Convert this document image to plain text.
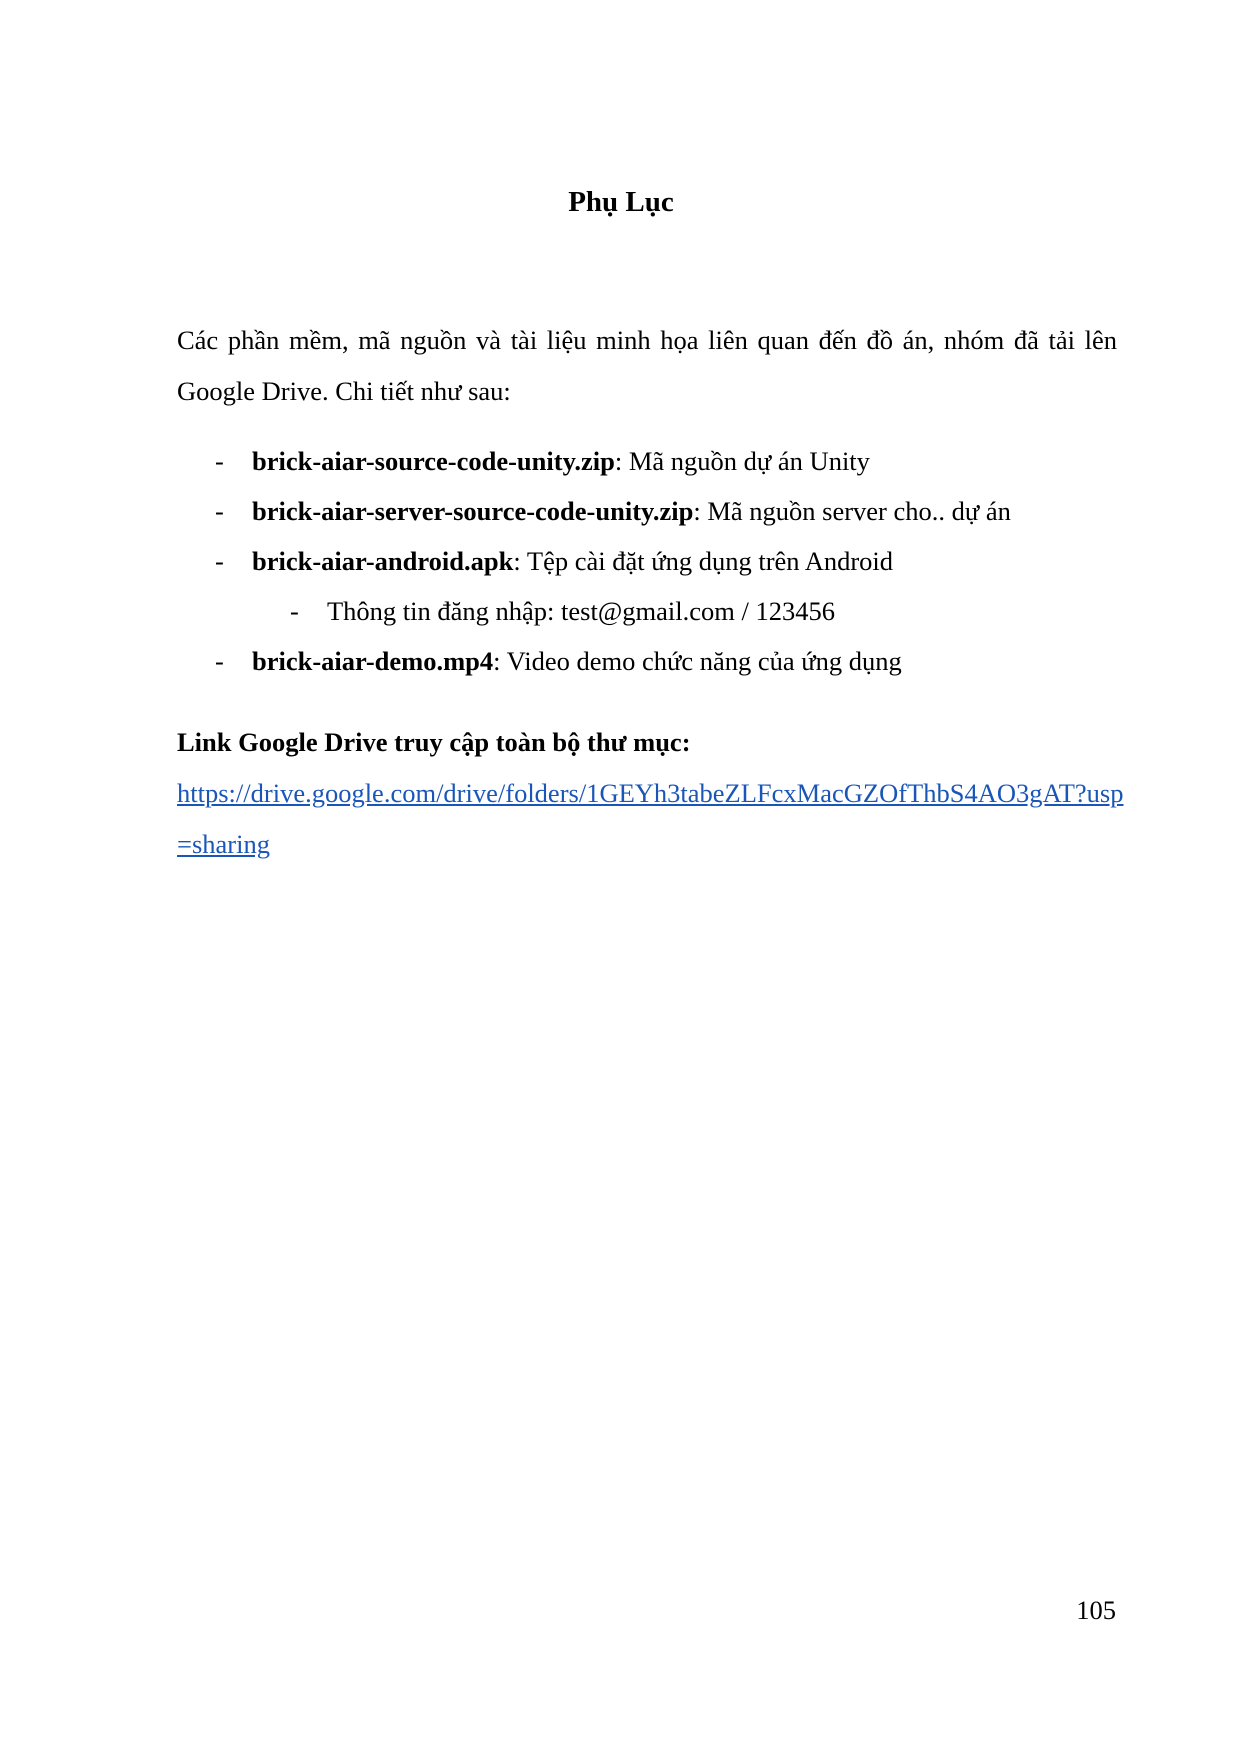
Phụ Lục
Các phần mềm, mã nguồn và tài liệu minh họa liên quan đến đồ án, nhóm đã tải lên Google Drive. Chi tiết như sau:
- brick-aiar-source-code-unity.zip: Mã nguồn dự án Unity
- brick-aiar-server-source-code-unity.zip: Mã nguồn server cho.. dự án
- brick-aiar-android.apk: Tệp cài đặt ứng dụng trên Android
- Thông tin đăng nhập: test@gmail.com / 123456
- brick-aiar-demo.mp4: Video demo chức năng của ứng dụng
Link Google Drive truy cập toàn bộ thư mục:
https://drive.google.com/drive/folders/1GEYh3tabeZLFcxMacGZOfThbS4AO3gAT?usp=sharing
105
